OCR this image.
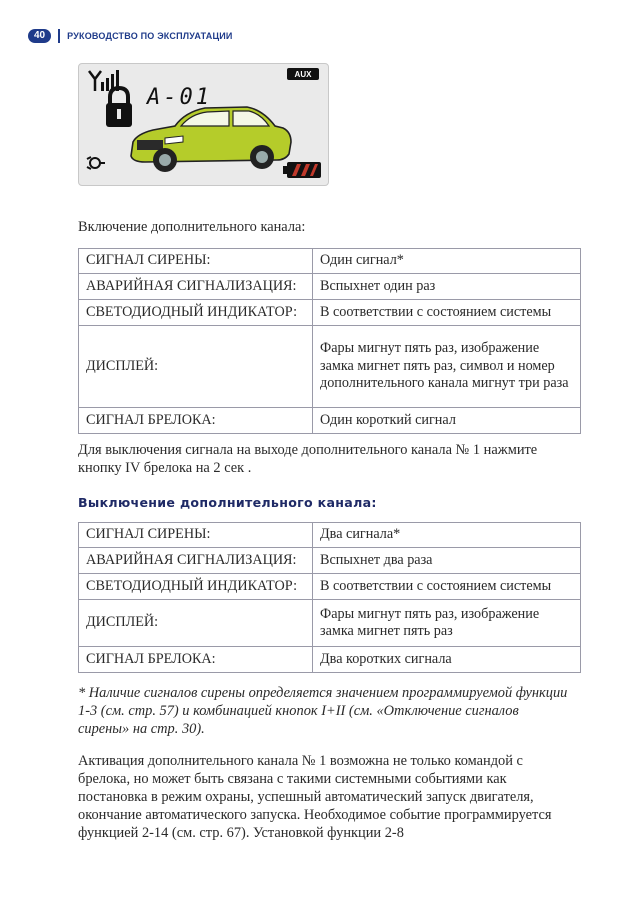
40	РУКОВОДСТВО ПО ЭКСПЛУАТАЦИИ
AUX
A-01

Включение дополнительного канала:

СИГНАЛ СИРЕНЫ:	Один сигнал*
АВАРИЙНАЯ СИГНАЛИЗАЦИЯ:	Вспыхнет один раз
СВЕТОДИОДНЫЙ ИНДИКАТОР:	В соответствии с состоянием системы
ДИСПЛЕЙ:	Фары мигнут пять раз, изображение замка мигнет пять раз, символ и номер дополнительного канала мигнут три раза
СИГНАЛ БРЕЛОКА:	Один короткий сигнал

Для выключения сигнала на выходе дополнительного канала № 1 нажмите кнопку IV брелока на 2 сек .

Выключение дополнительного канала:
СИГНАЛ СИРЕНЫ:	Два сигнала*
АВАРИЙНАЯ СИГНАЛИЗАЦИЯ:	Вспыхнет два раза
СВЕТОДИОДНЫЙ ИНДИКАТОР:	В соответствии с состоянием системы
ДИСПЛЕЙ:	Фары мигнут пять раз, изображение замка мигнет пять раз
СИГНАЛ БРЕЛОКА:	Два коротких сигнала

* Наличие сигналов сирены определяется значением программируемой функции 1-3 (см. стр. 57) и комбинацией кнопок I+II (см. «Отключение сигналов сирены» на стр. 30).

Активация дополнительного канала № 1 возможна не только командой с брелока, но может быть связана с такими системными событиями как постановка в режим охраны, успешный автоматический запуск двигателя, окончание автоматического запуска. Необходимое событие программируется функцией 2-14 (см. стр. 67). Установкой функции 2-8
